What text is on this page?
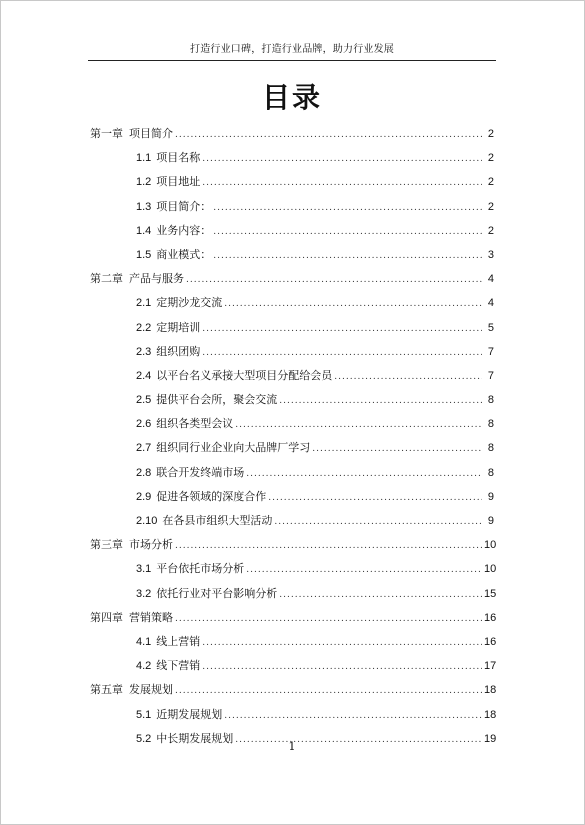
打造行业口碑，打造行业品牌，助力行业发展
目录
第一章 项目简介 .....	2
1.1 项目名称 .....	2
1.2 项目地址 .....	2
1.3 项目简介： .....	2
1.4 业务内容： .....	2
1.5 商业模式： .....	3
第二章 产品与服务 .....	4
2.1 定期沙龙交流 .....	4
2.2 定期培训 .....	5
2.3 组织团购 .....	7
2.4 以平台名义承接大型项目分配给会员 .....	7
2.5 提供平台会所，聚会交流 .....	8
2.6 组织各类型会议 .....	8
2.7 组织同行业企业向大品牌厂学习 .....	8
2.8 联合开发终端市场 .....	8
2.9 促进各领域的深度合作 .....	9
2.10 在各县市组织大型活动 .....	9
第三章 市场分析 .....	10
3.1 平台依托市场分析 .....	10
3.2 依托行业对平台影响分析 .....	15
第四章 营销策略 .....	16
4.1 线上营销 .....	16
4.2 线下营销 .....	17
第五章 发展规划 .....	18
5.1 近期发展规划 .....	18
5.2 中长期发展规划 .....	19
1
